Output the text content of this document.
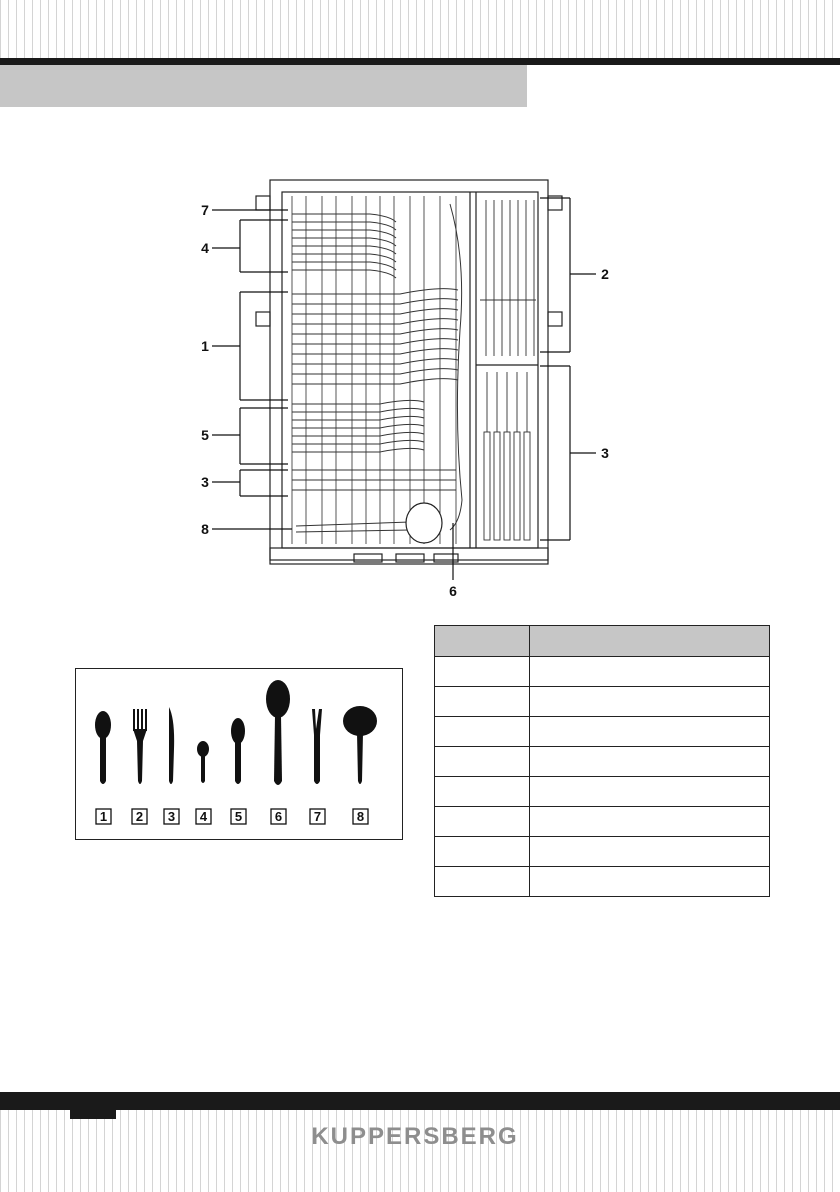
7
4
1
5
3
8
2
3
6
1 2 3 4 5	6 7	8

KUPPERSBERG
